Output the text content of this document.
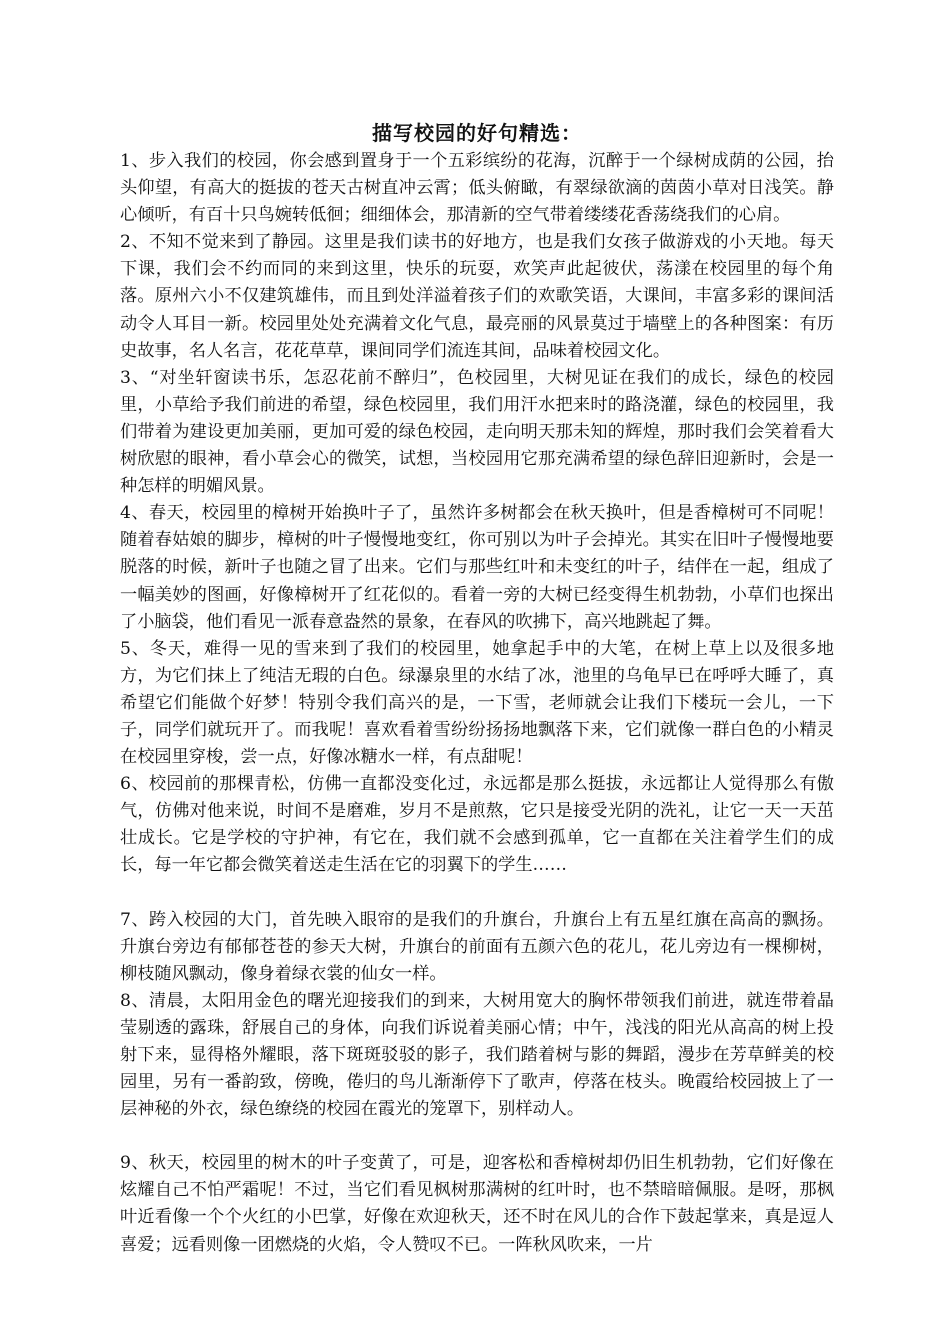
描写校园的好句精选：

1、步入我们的校园，你会感到置身于一个五彩缤纷的花海，沉醉于一个绿树成荫的公园，抬头仰望，有高大的挺拔的苍天古树直冲云霄；低头俯瞰，有翠绿欲滴的茵茵小草对日浅笑。静心倾听，有百十只鸟婉转低徊；细细体会，那清新的空气带着缕缕花香荡绕我们的心肩。

2、不知不觉来到了静园。这里是我们读书的好地方，也是我们女孩子做游戏的小天地。每天下课，我们会不约而同的来到这里，快乐的玩耍，欢笑声此起彼伏，荡漾在校园里的每个角落。原州六小不仅建筑雄伟，而且到处洋溢着孩子们的欢歌笑语，大课间，丰富多彩的课间活动令人耳目一新。校园里处处充满着文化气息，最亮丽的风景莫过于墙壁上的各种图案：有历史故事，名人名言，花花草草，课间同学们流连其间，品味着校园文化。

3、“对坐轩窗读书乐，怎忍花前不醉归”，色校园里，大树见证在我们的成长，绿色的校园里，小草给予我们前进的希望，绿色校园里，我们用汗水把来时的路浇灌，绿色的校园里，我们带着为建设更加美丽，更加可爱的绿色校园，走向明天那未知的辉煌，那时我们会笑着看大树欣慰的眼神，看小草会心的微笑，试想，当校园用它那充满希望的绿色辞旧迎新时，会是一种怎样的明媚风景。

4、春天，校园里的樟树开始换叶子了，虽然许多树都会在秋天换叶，但是香樟树可不同呢！随着春姑娘的脚步，樟树的叶子慢慢地变红，你可别以为叶子会掉光。其实在旧叶子慢慢地要脱落的时候，新叶子也随之冒了出来。它们与那些红叶和未变红的叶子，结伴在一起，组成了一幅美妙的图画，好像樟树开了红花似的。看着一旁的大树已经变得生机勃勃，小草们也探出了小脑袋，他们看见一派春意盎然的景象，在春风的吹拂下，高兴地跳起了舞。

5、冬天，难得一见的雪来到了我们的校园里，她拿起手中的大笔，在树上草上以及很多地方，为它们抹上了纯洁无瑕的白色。绿瀑泉里的水结了冰，池里的乌龟早已在呼呼大睡了，真希望它们能做个好梦！特别令我们高兴的是，一下雪，老师就会让我们下楼玩一会儿，一下子，同学们就玩开了。而我呢！喜欢看着雪纷纷扬扬地飘落下来，它们就像一群白色的小精灵在校园里穿梭，尝一点，好像冰糖水一样，有点甜呢！

6、校园前的那棵青松，仿佛一直都没变化过，永远都是那么挺拔，永远都让人觉得那么有傲气，仿佛对他来说，时间不是磨难，岁月不是煎熬，它只是接受光阴的洗礼，让它一天一天茁壮成长。它是学校的守护神，有它在，我们就不会感到孤单，它一直都在关注着学生们的成长，每一年它都会微笑着送走生活在它的羽翼下的学生……

7、跨入校园的大门，首先映入眼帘的是我们的升旗台，升旗台上有五星红旗在高高的飘扬。升旗台旁边有郁郁苍苍的参天大树，升旗台的前面有五颜六色的花儿，花儿旁边有一棵柳树，柳枝随风飘动，像身着绿衣裳的仙女一样。

8、清晨，太阳用金色的曙光迎接我们的到来，大树用宽大的胸怀带领我们前进，就连带着晶莹剔透的露珠，舒展自己的身体，向我们诉说着美丽心情；中午，浅浅的阳光从高高的树上投射下来，显得格外耀眼，落下斑斑驳驳的影子，我们踏着树与影的舞蹈，漫步在芳草鲜美的校园里，另有一番韵致，傍晚，倦归的鸟儿渐渐停下了歌声，停落在枝头。晚霞给校园披上了一层神秘的外衣，绿色缭绕的校园在霞光的笼罩下，别样动人。

9、秋天，校园里的树木的叶子变黄了，可是，迎客松和香樟树却仍旧生机勃勃，它们好像在炫耀自己不怕严霜呢！不过，当它们看见枫树那满树的红叶时，也不禁暗暗佩服。是呀，那枫叶近看像一个个火红的小巴掌，好像在欢迎秋天，还不时在风儿的合作下鼓起掌来，真是逗人喜爱；远看则像一团燃烧的火焰，令人赞叹不已。一阵秋风吹来，一片
